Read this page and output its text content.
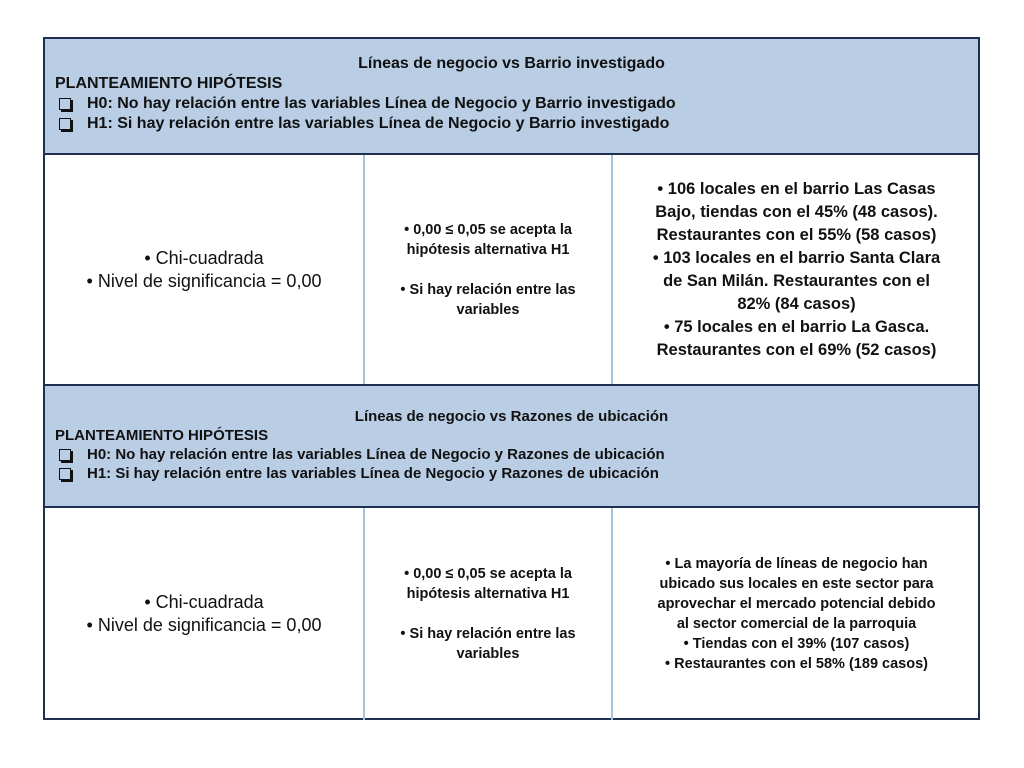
Líneas de negocio vs Barrio investigado
PLANTEAMIENTO HIPÓTESIS
H0: No hay relación entre las variables Línea de Negocio y Barrio investigado
H1: Si hay relación entre las variables Línea de Negocio y Barrio investigado
• Chi-cuadrada
• Nivel de significancia = 0,00
• 0,00 ≤ 0,05 se acepta la
hipótesis alternativa H1
• Si hay relación entre las
variables
• 106 locales en el barrio Las Casas
Bajo, tiendas con el 45% (48 casos).
Restaurantes con el 55% (58 casos)
• 103 locales en el barrio Santa Clara
de San Milán. Restaurantes con el
82% (84 casos)
• 75 locales en el barrio La Gasca.
Restaurantes con el 69% (52 casos)
Líneas de negocio vs Razones de ubicación
PLANTEAMIENTO HIPÓTESIS
H0: No hay relación entre las variables Línea de Negocio y Razones de ubicación
H1: Si hay relación entre las variables Línea de Negocio y Razones de ubicación
• Chi-cuadrada
• Nivel de significancia = 0,00
• 0,00 ≤ 0,05 se acepta la
hipótesis alternativa H1
• Si hay relación entre las
variables
• La mayoría de líneas de negocio han
ubicado sus locales en este sector para
aprovechar el mercado potencial debido
al sector comercial de la parroquia
• Tiendas con el 39% (107 casos)
• Restaurantes con el 58% (189 casos)
